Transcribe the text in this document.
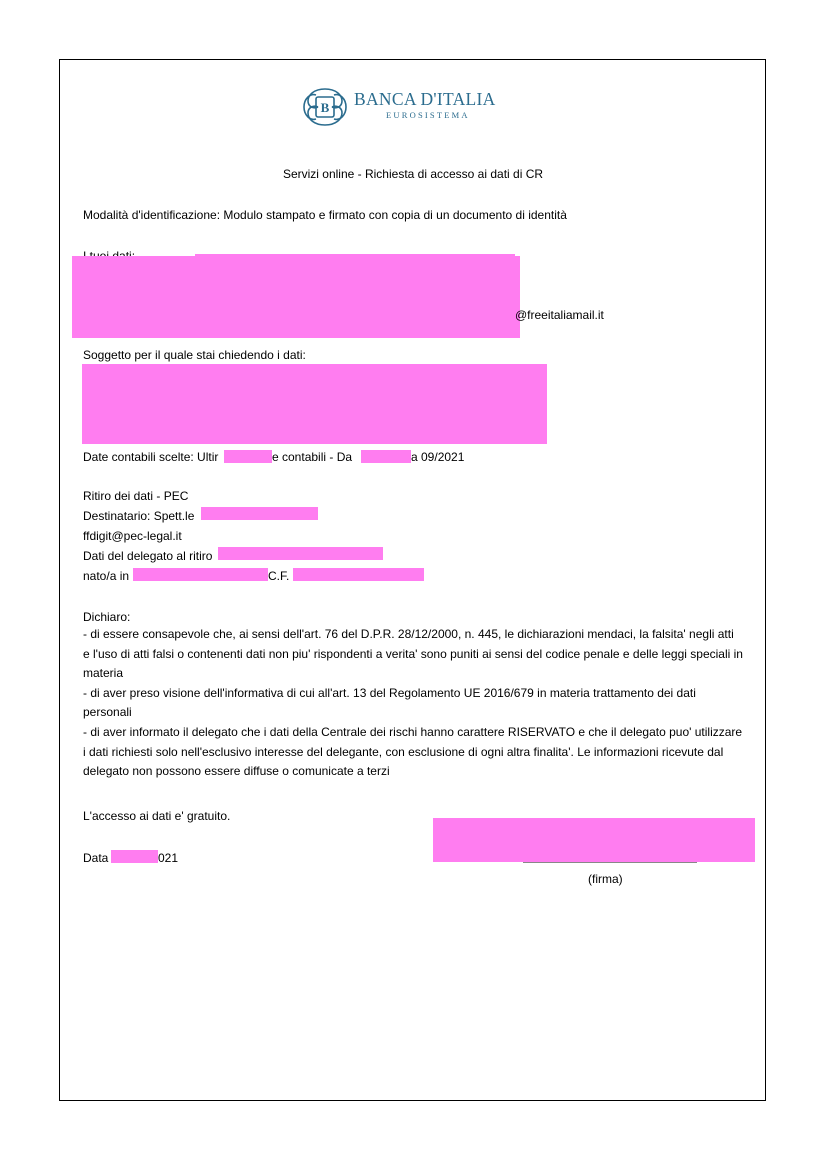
B BANCA D'ITALIA
EUROSISTEMA
Servizi online - Richiesta di accesso ai dati di CR
Modalità d'identificazione: Modulo stampato e firmato con copia di un documento di identità
@freeitaliamail.it
Soggetto per il quale stai chiedendo i dati:
Date contabili scelte: Ultir	e contabili - Da	a 09/2021
Ritiro dei dati - PEC
Destinatario: Spett.le
ffdigit@pec-legal.it
Dati del delegato al ritiro
nato/a in	C.F.
Dichiaro:
- di essere consapevole che, ai sensi dell'art. 76 del D.P.R. 28/12/2000, n. 445, le dichiarazioni mendaci, la falsita' negli atti e l'uso di atti falsi o contenenti dati non piu' rispondenti a verita' sono puniti ai sensi del codice penale e delle leggi speciali in materia
- di aver preso visione dell'informativa di cui all'art. 13 del Regolamento UE 2016/679 in materia trattamento dei dati personali
- di aver informato il delegato che i dati della Centrale dei rischi hanno carattere RISERVATO e che il delegato puo' utilizzare i dati richiesti solo nell'esclusivo interesse del delegante, con esclusione di ogni altra finalita'. Le informazioni ricevute dal delegato non possono essere diffuse o comunicate a terzi
L'accesso ai dati e' gratuito.
Data	021
(firma)
